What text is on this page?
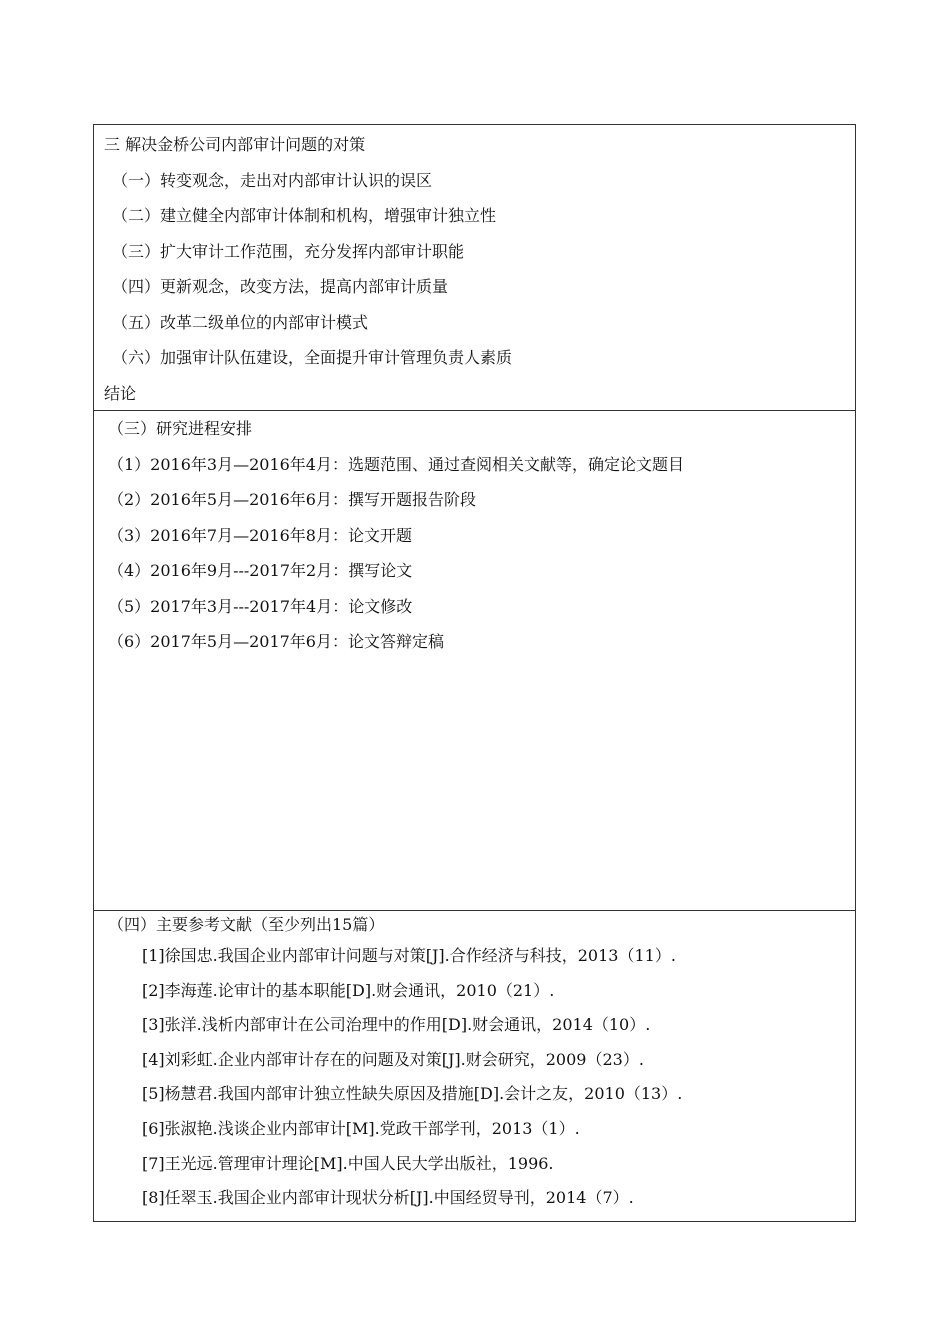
三 解决金桥公司内部审计问题的对策
（一）转变观念，走出对内部审计认识的误区
（二）建立健全内部审计体制和机构，增强审计独立性
（三）扩大审计工作范围，充分发挥内部审计职能
（四）更新观念，改变方法，提高内部审计质量
（五）改革二级单位的内部审计模式
（六）加强审计队伍建设，全面提升审计管理负责人素质
结论
（三）研究进程安排
（1）2016年3月—2016年4月：选题范围、通过查阅相关文献等，确定论文题目
（2）2016年5月—2016年6月：撰写开题报告阶段
（3）2016年7月—2016年8月：论文开题
（4）2016年9月---2017年2月：撰写论文
（5）2017年3月---2017年4月：论文修改
（6）2017年5月—2017年6月：论文答辩定稿
（四）主要参考文献（至少列出15篇）
[1]徐国忠.我国企业内部审计问题与对策[J].合作经济与科技，2013（11）.
[2]李海莲.论审计的基本职能[D].财会通讯，2010（21）.
[3]张洋.浅析内部审计在公司治理中的作用[D].财会通讯，2014（10）.
[4]刘彩虹.企业内部审计存在的问题及对策[J].财会研究，2009（23）.
[5]杨慧君.我国内部审计独立性缺失原因及措施[D].会计之友，2010（13）.
[6]张淑艳.浅谈企业内部审计[M].党政干部学刊，2013（1）.
[7]王光远.管理审计理论[M].中国人民大学出版社，1996.
[8]任翠玉.我国企业内部审计现状分析[J].中国经贸导刊，2014（7）.
